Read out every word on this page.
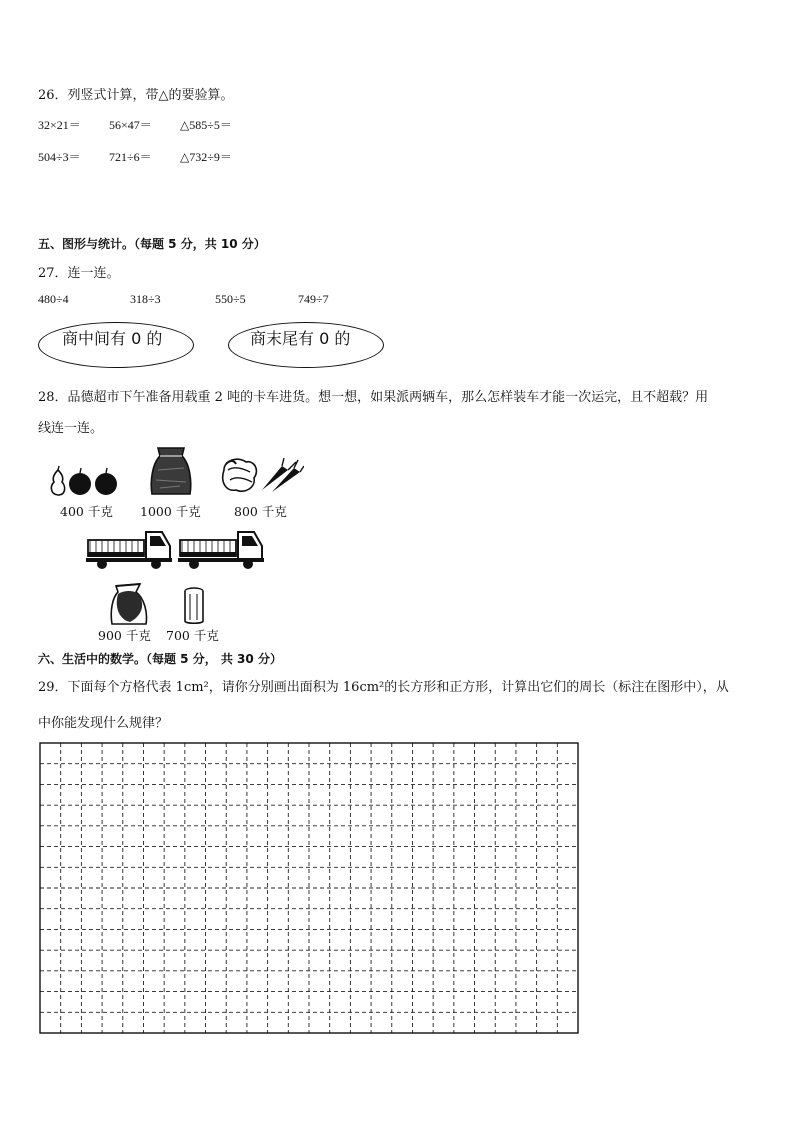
26．列竖式计算，带△的要验算。
32×21＝ 56×47＝ △585÷5＝
504÷3＝ 721÷6＝ △732÷9＝
五、图形与统计。（每题 5 分，共 10 分）
27．连一连。
480÷4	318÷3	550÷5	749÷7
商中间有 0 的	商末尾有 0 的
28．品德超市下午准备用载重 2 吨的卡车进货。想一想，如果派两辆车，那么怎样装车才能一次运完，且不超载？用
线连一连。
400 千克 1000 千克	800 千克
900 千克 700 千克
六、生活中的数学。（每题 5 分， 共 30 分）
29．下面每个方格代表 1cm²，请你分别画出面积为 16cm²的长方形和正方形，计算出它们的周长（标注在图形中），从
中你能发现什么规律？
